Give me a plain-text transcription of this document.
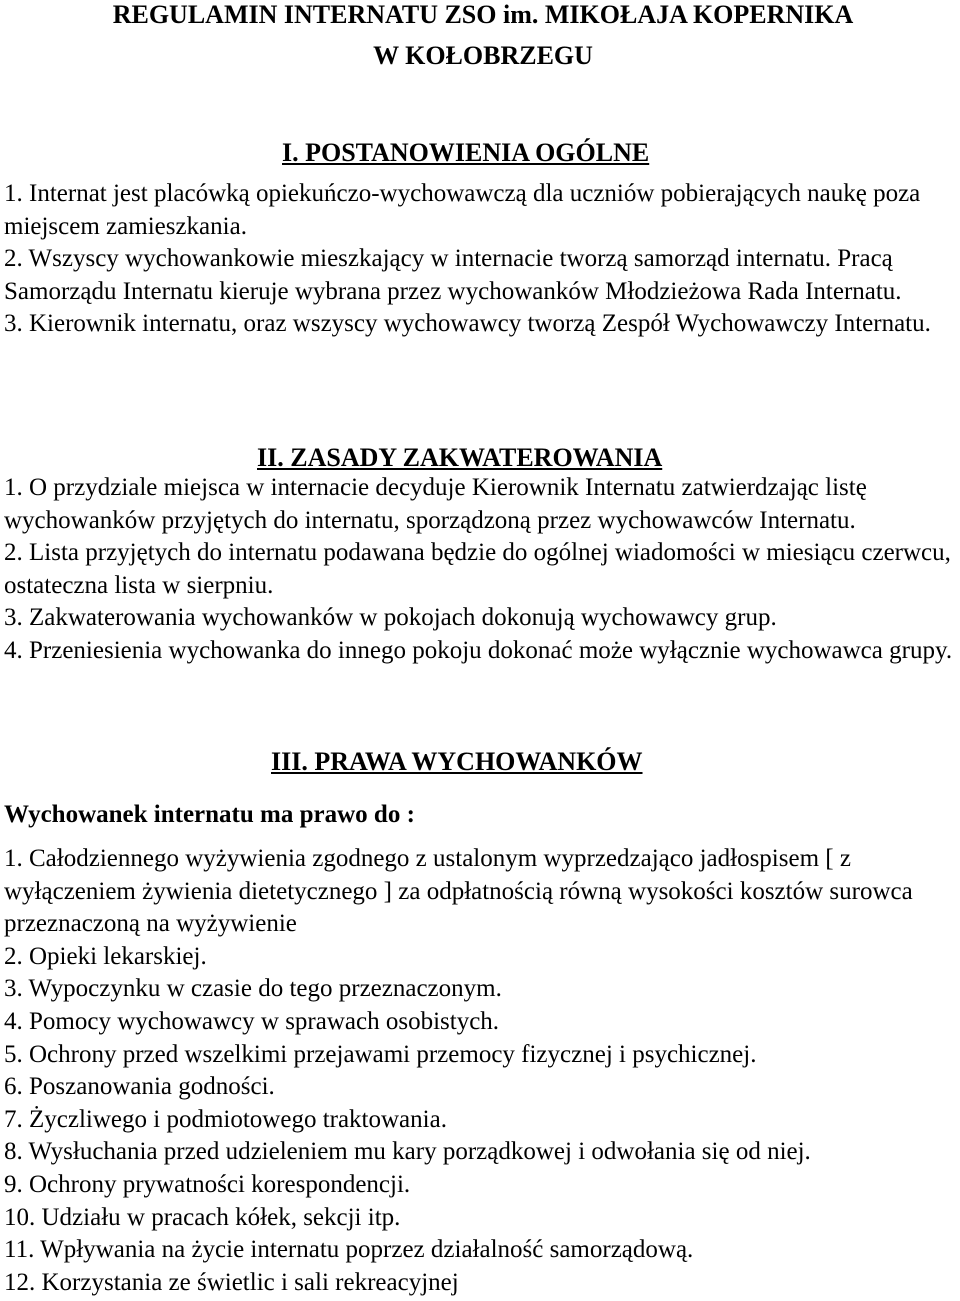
REGULAMIN INTERNATU ZSO im. MIKOŁAJA KOPERNIKA
W KOŁOBRZEGU
I. POSTANOWIENIA OGÓLNE

1. Internat jest placówką opiekuńczo-wychowawczą dla uczniów pobierających naukę poza miejscem zamieszkania.

2. Wszyscy wychowankowie mieszkający w internacie tworzą samorząd internatu. Pracą Samorządu Internatu kieruje wybrana przez wychowanków Młodzieżowa Rada Internatu.

3. Kierownik internatu, oraz wszyscy wychowawcy tworzą Zespół Wychowawczy Internatu.

II. ZASADY ZAKWATEROWANIA

1. O przydziale miejsca w internacie decyduje Kierownik Internatu zatwierdzając listę wychowanków przyjętych do internatu, sporządzoną przez wychowawców Internatu.

2. Lista przyjętych do internatu podawana będzie do ogólnej wiadomości w miesiącu czerwcu, ostateczna lista w sierpniu.

3. Zakwaterowania wychowanków w pokojach dokonują wychowawcy grup.

4. Przeniesienia wychowanka do innego pokoju dokonać może wyłącznie wychowawca grupy.

III. PRAWA WYCHOWANKÓW
Wychowanek internatu ma prawo do :
1. Całodziennego wyżywienia zgodnego z ustalonym wyprzedzająco jadłospisem [ z wyłączeniem żywienia dietetycznego ] za odpłatnością równą wysokości kosztów surowca przeznaczoną na wyżywienie
2. Opieki lekarskiej.
3. Wypoczynku w czasie do tego przeznaczonym.
4. Pomocy wychowawcy w sprawach osobistych.
5. Ochrony przed wszelkimi przejawami przemocy fizycznej i psychicznej.
6. Poszanowania godności.
7. Życzliwego i podmiotowego traktowania.
8. Wysłuchania przed udzieleniem mu kary porządkowej i odwołania się od niej.
9. Ochrony prywatności korespondencji.
10. Udziału w pracach kółek, sekcji itp.
11. Wpływania na życie internatu poprzez działalność samorządową.
12. Korzystania ze świetlic i sali rekreacyjnej
